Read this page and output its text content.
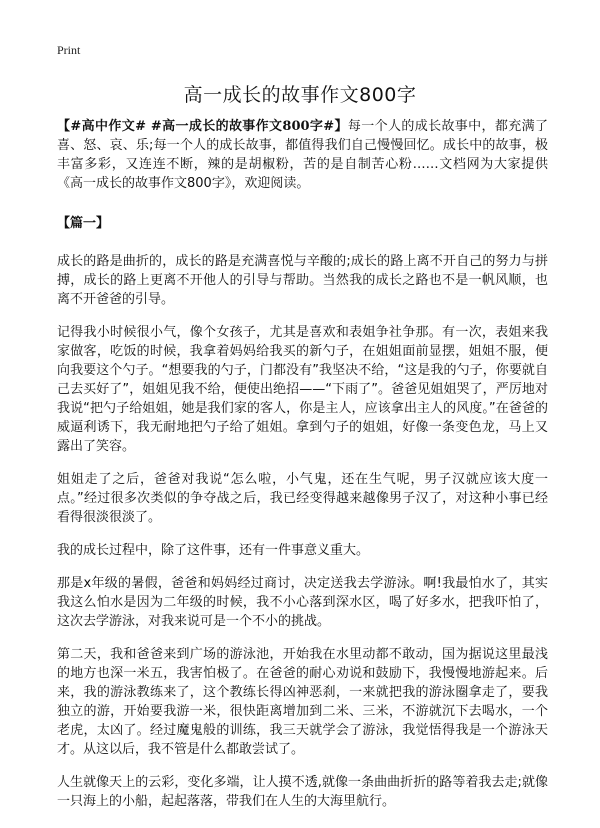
Print
高一成长的故事作文800字

【#高中作文# #高一成长的故事作文800字#】每一个人的成长故事中，都充满了喜、怒、哀、乐;每一个人的成长故事，都值得我们自己慢慢回忆。成长中的故事，极丰富多彩，又连连不断，辣的是胡椒粉，苦的是自制苦心粉……文档网为大家提供《高一成长的故事作文800字》，欢迎阅读。

【篇一】

成长的路是曲折的，成长的路是充满喜悦与辛酸的;成长的路上离不开自己的努力与拼搏，成长的路上更离不开他人的引导与帮助。当然我的成长之路也不是一帆风顺，也离不开爸爸的引导。

记得我小时候很小气，像个女孩子，尤其是喜欢和表姐争社争那。有一次，表姐来我家做客，吃饭的时候，我拿着妈妈给我买的新勺子，在姐姐面前显摆，姐姐不服，便向我要这个勺子。“想要我的勺子，门都没有”我坚决不给，“这是我的勺子，你要就自己去买好了”，姐姐见我不给，便使出绝招——“下雨了”。爸爸见姐姐哭了，严厉地对我说“把勺子给姐姐，她是我们家的客人，你是主人，应该拿出主人的风度。”在爸爸的威逼利诱下，我无耐地把勺子给了姐姐。拿到勺子的姐姐，好像一条变色龙，马上又露出了笑容。

姐姐走了之后，爸爸对我说“怎么啦，小气鬼，还在生气呢，男子汉就应该大度一点。”经过很多次类似的争夺战之后，我已经变得越来越像男子汉了，对这种小事已经看得很淡很淡了。

我的成长过程中，除了这件事，还有一件事意义重大。

那是x年级的暑假，爸爸和妈妈经过商讨，决定送我去学游泳。啊!我最怕水了，其实我这么怕水是因为二年级的时候，我不小心落到深水区，喝了好多水，把我吓怕了，这次去学游泳，对我来说可是一个不小的挑战。

第二天，我和爸爸来到广场的游泳池，开始我在水里动都不敢动，国为据说这里最浅的地方也深一米五，我害怕极了。在爸爸的耐心劝说和鼓励下，我慢慢地游起来。后来，我的游泳教练来了，这个教练长得凶神恶刹，一来就把我的游泳圈拿走了，要我独立的游，开始要我游一米，很快距离增加到二米、三米，不游就沉下去喝水，一个老虎，太凶了。经过魔鬼般的训练，我三天就学会了游泳，我觉悟得我是一个游泳天才。从这以后，我不管是什么都敢尝试了。

人生就像天上的云彩，变化多端，让人摸不透,就像一条曲曲折折的路等着我去走;就像一只海上的小船，起起落落，带我们在人生的大海里航行。
